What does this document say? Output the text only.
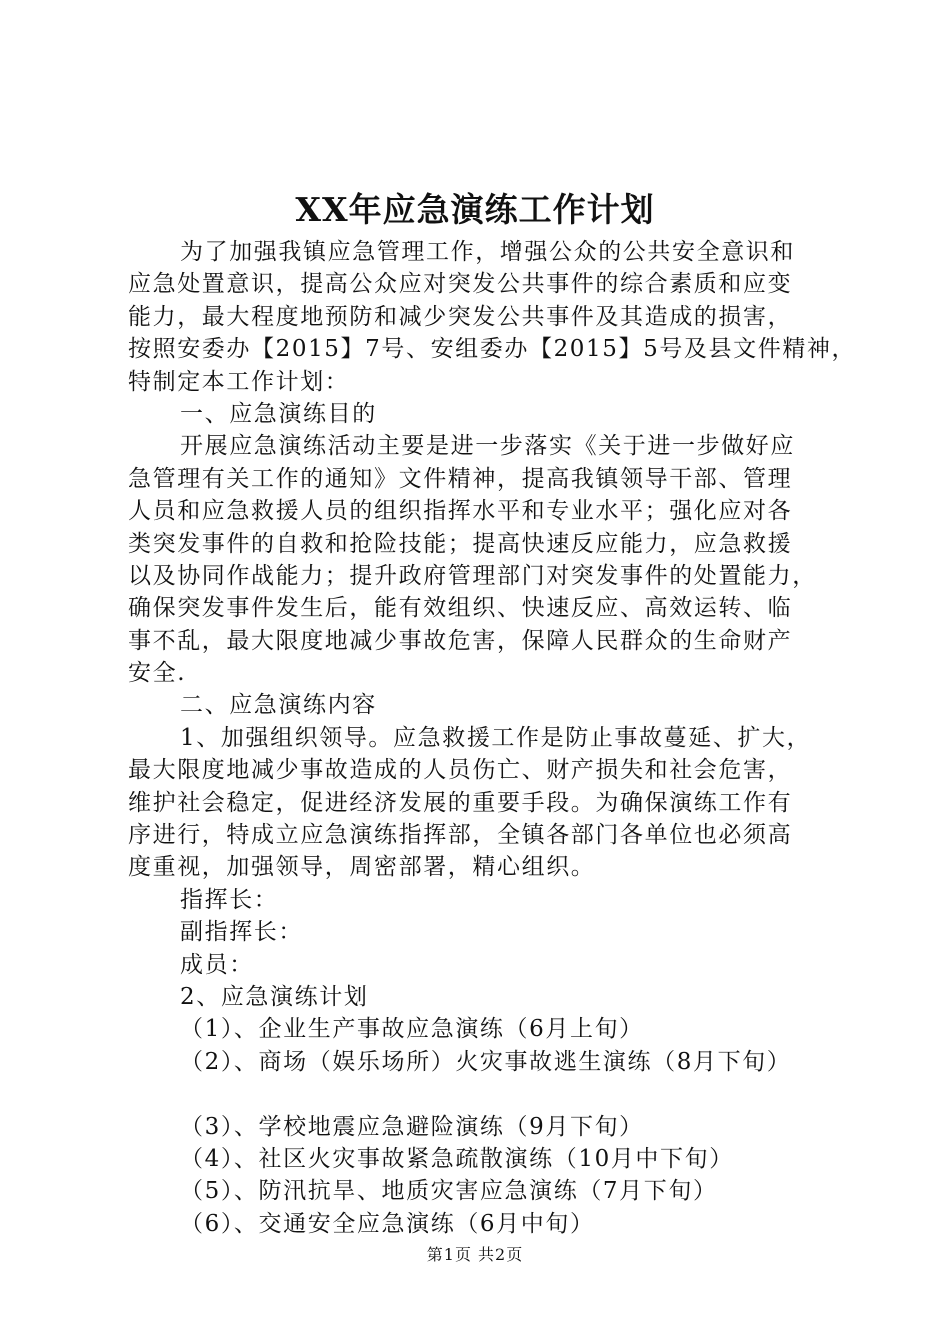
XX年应急演练工作计划
为了加强我镇应急管理工作，增强公众的公共安全意识和
应急处置意识，提高公众应对突发公共事件的综合素质和应变
能力，最大程度地预防和减少突发公共事件及其造成的损害，
按照安委办【2015】7号、安组委办【2015】5号及县文件精神，
特制定本工作计划：
一、应急演练目的
开展应急演练活动主要是进一步落实《关于进一步做好应
急管理有关工作的通知》文件精神，提高我镇领导干部、管理
人员和应急救援人员的组织指挥水平和专业水平；强化应对各
类突发事件的自救和抢险技能；提高快速反应能力，应急救援
以及协同作战能力；提升政府管理部门对突发事件的处置能力，
确保突发事件发生后，能有效组织、快速反应、高效运转、临
事不乱，最大限度地减少事故危害，保障人民群众的生命财产
安全.
二、应急演练内容
1、加强组织领导。应急救援工作是防止事故蔓延、扩大，
最大限度地减少事故造成的人员伤亡、财产损失和社会危害，
维护社会稳定，促进经济发展的重要手段。为确保演练工作有
序进行，特成立应急演练指挥部，全镇各部门各单位也必须高
度重视，加强领导，周密部署，精心组织。
指挥长：
副指挥长：
成员：
2、应急演练计划
（1）、企业生产事故应急演练（6月上旬）
（2）、商场（娱乐场所）火灾事故逃生演练（8月下旬）
（3）、学校地震应急避险演练（9月下旬）
（4）、社区火灾事故紧急疏散演练（10月中下旬）
（5）、防汛抗旱、地质灾害应急演练（7月下旬）
（6）、交通安全应急演练（6月中旬）
第1页 共2页
